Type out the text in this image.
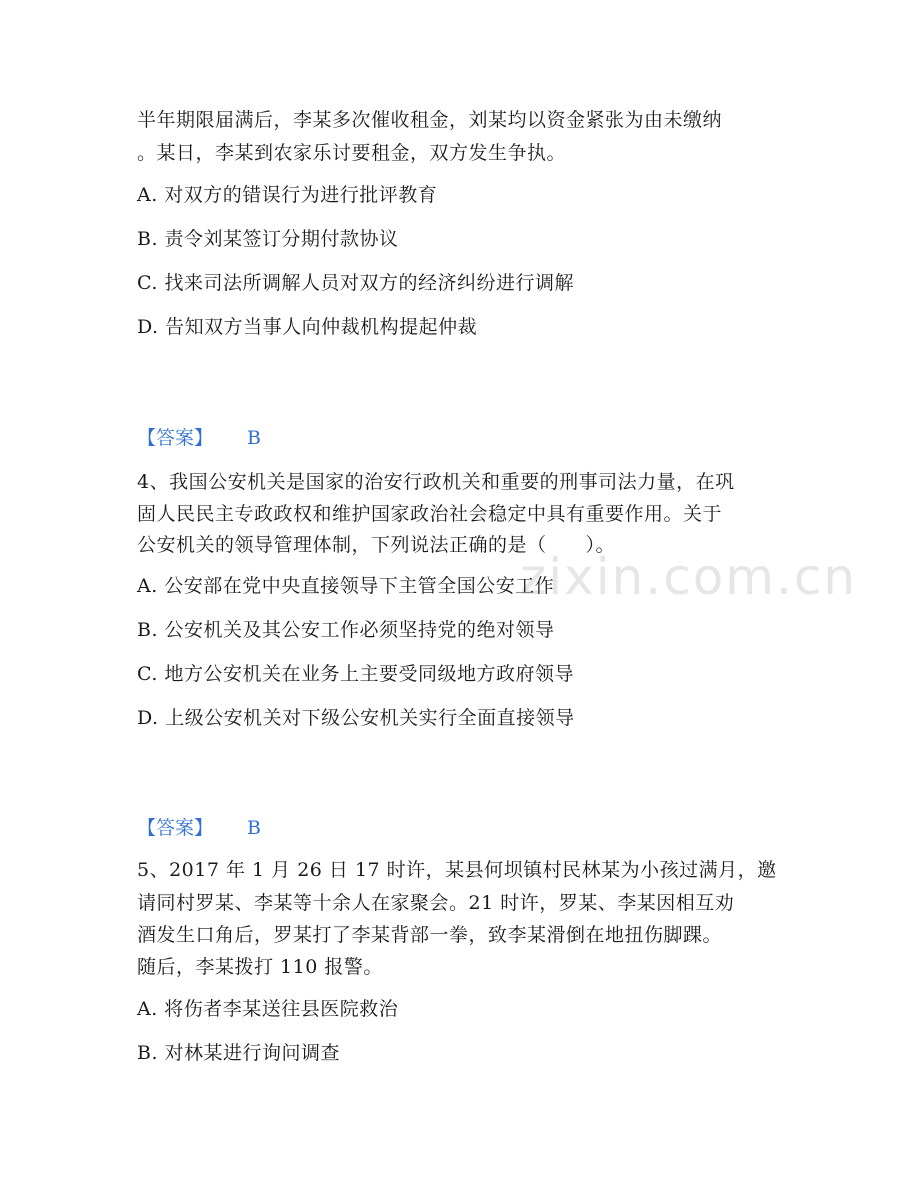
zixin.com.cn
半年期限届满后，李某多次催收租金，刘某均以资金紧张为由未缴纳
。某日，李某到农家乐讨要租金，双方发生争执。
A. 对双方的错误行为进行批评教育
B. 责令刘某签订分期付款协议
C. 找来司法所调解人员对双方的经济纠纷进行调解
D. 告知双方当事人向仲裁机构提起仲裁
【答案】 B
4、我国公安机关是国家的治安行政机关和重要的刑事司法力量，在巩
固人民民主专政政权和维护国家政治社会稳定中具有重要作用。关于
公安机关的领导管理体制，下列说法正确的是（　　）。
A. 公安部在党中央直接领导下主管全国公安工作
B. 公安机关及其公安工作必须坚持党的绝对领导
C. 地方公安机关在业务上主要受同级地方政府领导
D. 上级公安机关对下级公安机关实行全面直接领导
【答案】 B
5、2017 年 1 月 26 日 17 时许，某县何坝镇村民林某为小孩过满月，邀
请同村罗某、李某等十余人在家聚会。21 时许，罗某、李某因相互劝
酒发生口角后，罗某打了李某背部一拳，致李某滑倒在地扭伤脚踝。
随后，李某拨打 110 报警。
A. 将伤者李某送往县医院救治
B. 对林某进行询问调查
